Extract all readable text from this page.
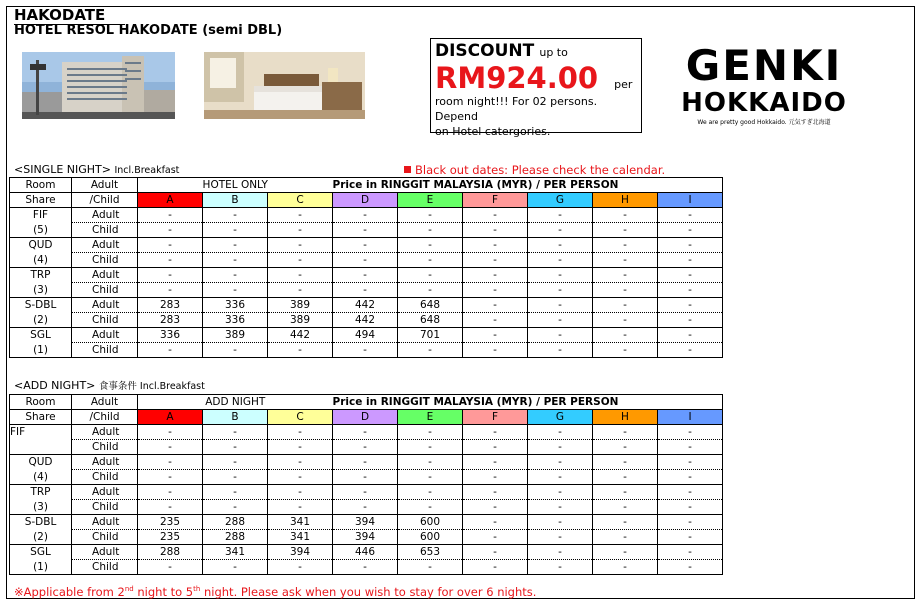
HAKODATE
HOTEL RESOL HAKODATE (semi DBL)
DISCOUNT up to
RM924.00 per
room night!!! For 02 persons. Depend
on Hotel catergories.
GENKI
HOKKAIDO
We are pretty good Hokkaido. 元気すぎ北海道
<SINGLE NIGHT> Incl.Breakfast	Black out dates: Please check the calendar.
Room	Adult	HOTEL ONLY			Price in RINGGIT MALAYSIA (MYR) / PER PERSON					
Share	/Child	A	B	C	D	E	F	G	H	I
FIF	Adult	-	-	-	-	-	-	-	-	-
(5)	Child	-	-	-	-	-	-	-	-	-
QUD	Adult	-	-	-	-	-	-	-	-	-
(4)	Child	-	-	-	-	-	-	-	-	-
TRP	Adult	-	-	-	-	-	-	-	-	-
(3)	Child	-	-	-	-	-	-	-	-	-
S-DBL	Adult	283	336	389	442	648	-	-	-	-
(2)	Child	283	336	389	442	648	-	-	-	-
SGL	Adult	336	389	442	494	701	-	-	-	-
(1)	Child	-	-	-	-	-	-	-	-	-
<ADD NIGHT> 食事条件 Incl.Breakfast
Room	Adult	ADD NIGHT			Price in RINGGIT MALAYSIA (MYR) / PER PERSON					
Share	/Child	A	B	C	D	E	F	G	H	I
FIF	Adult	-	-	-	-	-	-	-	-	-
	Child	-	-	-	-	-	-	-	-	-
QUD	Adult	-	-	-	-	-	-	-	-	-
(4)	Child	-	-	-	-	-	-	-	-	-
TRP	Adult	-	-	-	-	-	-	-	-	-
(3)	Child	-	-	-	-	-	-	-	-	-
S-DBL	Adult	235	288	341	394	600	-	-	-	-
(2)	Child	235	288	341	394	600	-	-	-	-
SGL	Adult	288	341	394	446	653	-	-	-	-
(1)	Child	-	-	-	-	-	-	-	-	-
※Applicable from 2nd night to 5th night. Please ask when you wish to stay for over 6 nights.
